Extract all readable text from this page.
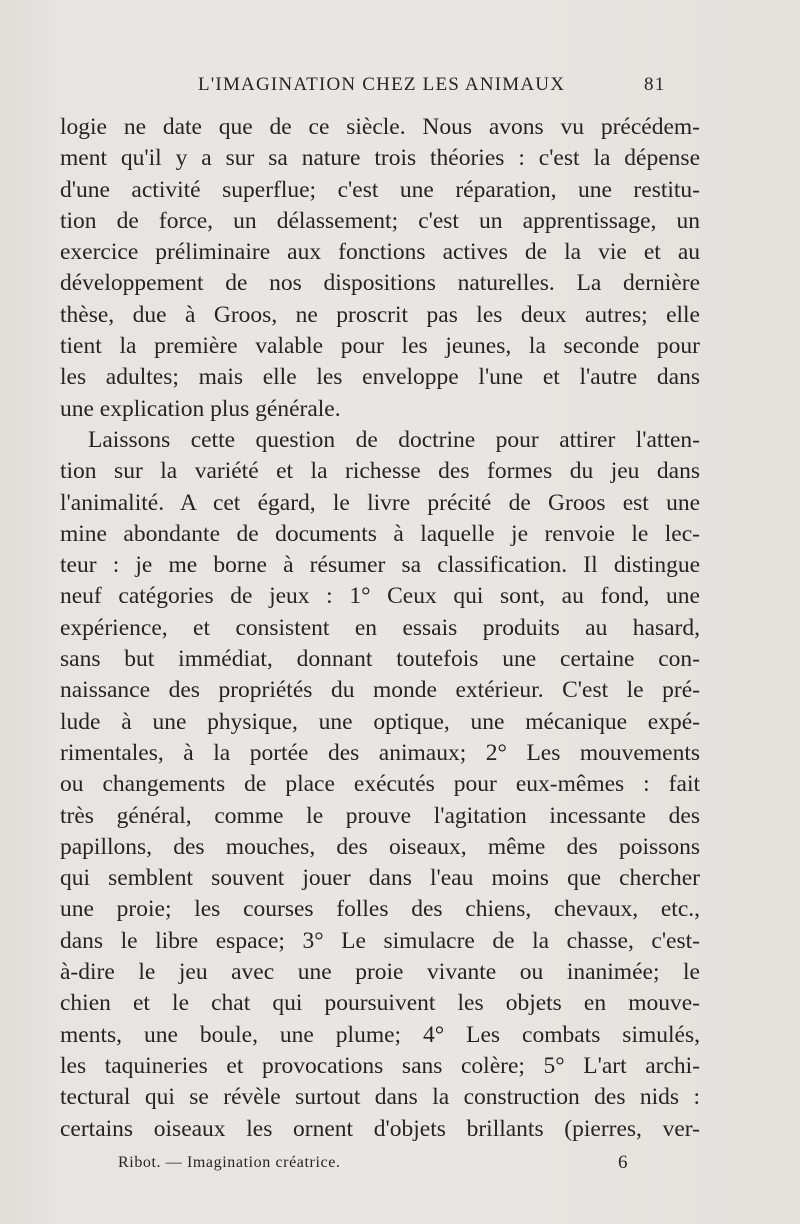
L'IMAGINATION CHEZ LES ANIMAUX	81
logie ne date que de ce siècle. Nous avons vu précédem-
ment qu'il y a sur sa nature trois théories : c'est la dépense
d'une activité superflue; c'est une réparation, une restitu-
tion de force, un délassement; c'est un apprentissage, un
exercice préliminaire aux fonctions actives de la vie et au
développement de nos dispositions naturelles. La dernière
thèse, due à Groos, ne proscrit pas les deux autres; elle
tient la première valable pour les jeunes, la seconde pour
les adultes; mais elle les enveloppe l'une et l'autre dans
une explication plus générale.
Laissons cette question de doctrine pour attirer l'atten-
tion sur la variété et la richesse des formes du jeu dans
l'animalité. A cet égard, le livre précité de Groos est une
mine abondante de documents à laquelle je renvoie le lec-
teur : je me borne à résumer sa classification. Il distingue
neuf catégories de jeux : 1° Ceux qui sont, au fond, une
expérience, et consistent en essais produits au hasard,
sans but immédiat, donnant toutefois une certaine con-
naissance des propriétés du monde extérieur. C'est le pré-
lude à une physique, une optique, une mécanique expé-
rimentales, à la portée des animaux; 2° Les mouvements
ou changements de place exécutés pour eux-mêmes : fait
très général, comme le prouve l'agitation incessante des
papillons, des mouches, des oiseaux, même des poissons
qui semblent souvent jouer dans l'eau moins que chercher
une proie; les courses folles des chiens, chevaux, etc.,
dans le libre espace; 3° Le simulacre de la chasse, c'est-
à-dire le jeu avec une proie vivante ou inanimée; le
chien et le chat qui poursuivent les objets en mouve-
ments, une boule, une plume; 4° Les combats simulés,
les taquineries et provocations sans colère; 5° L'art archi-
tectural qui se révèle surtout dans la construction des nids :
certains oiseaux les ornent d'objets brillants (pierres, ver-
Ribot. — Imagination créatrice.	6
